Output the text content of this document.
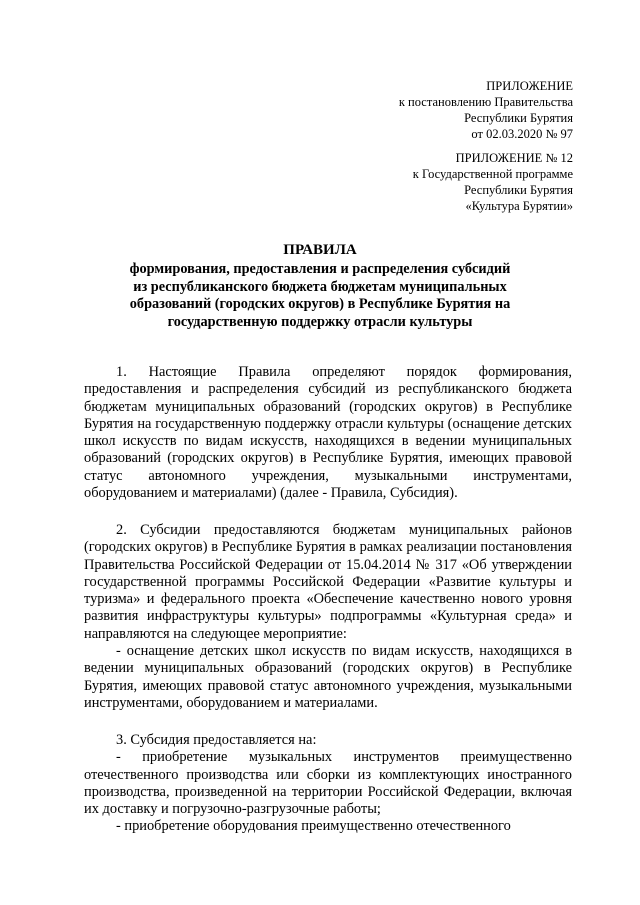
ПРИЛОЖЕНИЕ
к постановлению Правительства
Республики Бурятия
от 02.03.2020 № 97
ПРИЛОЖЕНИЕ № 12
к Государственной программе
Республики Бурятия
«Культура Бурятии»
ПРАВИЛА
формирования, предоставления и распределения субсидий
из республиканского бюджета бюджетам муниципальных
образований (городских округов) в Республике Бурятия на
государственную поддержку отрасли культуры

1. Настоящие Правила определяют порядок формирования, предоставления и распределения субсидий из республиканского бюджета бюджетам муниципальных образований (городских округов) в Республике Бурятия на государственную поддержку отрасли культуры (оснащение детских школ искусств по видам искусств, находящихся в ведении муниципальных образований (городских округов) в Республике Бурятия, имеющих правовой статус автономного учреждения, музыкальными инструментами, оборудованием и материалами) (далее - Правила, Субсидия).

2. Субсидии предоставляются бюджетам муниципальных районов (городских округов) в Республике Бурятия в рамках реализации постановления Правительства Российской Федерации от 15.04.2014 № 317 «Об утверждении государственной программы Российской Федерации «Развитие культуры и туризма» и федерального проекта «Обеспечение качественно нового уровня развития инфраструктуры культуры» подпрограммы «Культурная среда» и направляются на следующее мероприятие:

- оснащение детских школ искусств по видам искусств, находящихся в ведении муниципальных образований (городских округов) в Республике Бурятия, имеющих правовой статус автономного учреждения, музыкальными инструментами, оборудованием и материалами.

3. Субсидия предоставляется на:

- приобретение музыкальных инструментов преимущественно отечественного производства или сборки из комплектующих иностранного производства, произведенной на территории Российской Федерации, включая их доставку и погрузочно-разгрузочные работы;

- приобретение оборудования преимущественно отечественного
